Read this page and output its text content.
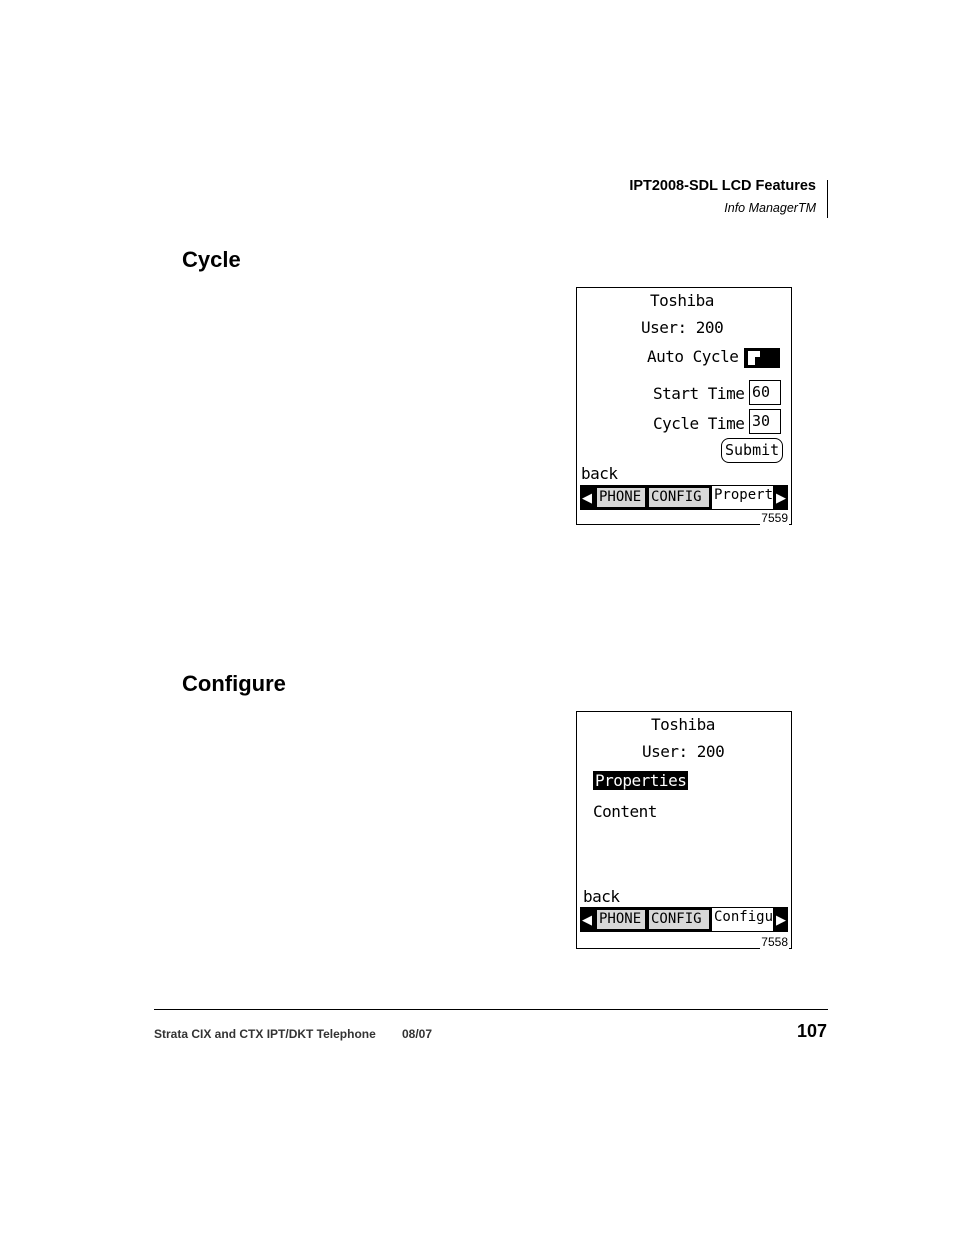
IPT2008-SDL LCD Features
Info ManagerTM
Cycle
Toshiba
User: 200
Auto Cycle
Start Time 60
Cycle Time 30
Submit
back
◀ PHONE CONFIG Propert ▶
7559
Configure
Toshiba
User: 200
Properties
Content
back
◀ PHONE CONFIG Configu ▶
7558
Strata CIX and CTX IPT/DKT Telephone 08/07	107
